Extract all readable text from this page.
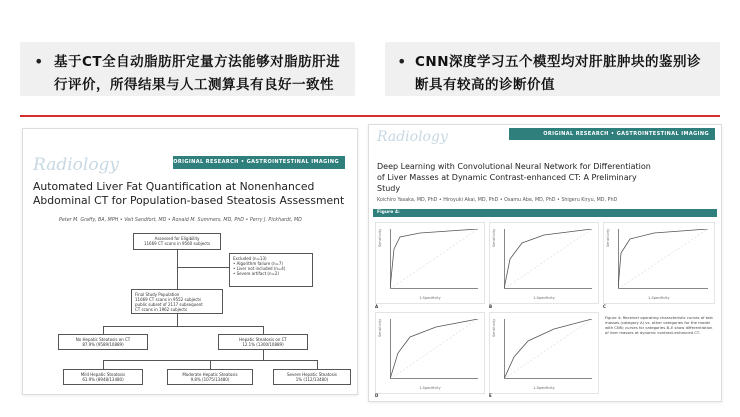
• 基于CT全自动脂肪肝定量方法能够对脂肪肝进
行评价，所得结果与人工测算具有良好一致性
• CNN深度学习五个模型均对肝脏肿块的鉴别诊
断具有较高的诊断价值
Radiology	ORIGINAL RESEARCH • GASTROINTESTINAL IMAGING
Automated Liver Fat Quantification at Nonenhanced
Abdominal CT for Population-based Steatosis Assessment
Peter M. Graffy, BA, MPH • Veit Sandfort, MD • Ronald M. Summers, MD, PhD • Perry J. Pickhardt, MD
Assessed for Eligibility
11669 CT scans in 9560 subjects
Excluded (n=13)
• Algorithm failure (n=7)
• Liver not included (n=4)
• Severe artifact (n=2)
Final Study Population
11669 CT scans in 9552 subjects
public subset of 2117 subsequent
CT scans in 1962 subjects
No Hepatic Steatosis on CT
87.9% (9589/10889)
Hepatic Steatosis on CT
12.1% (1300/10889)
Mild Hepatic Steatosis
61.9% (8948/13480)
Moderate Hepatic Steatosis
9.8% (1075/13480)
Severe Hepatic Steatosis
1% (112/13480)
Radiology	ORIGINAL RESEARCH • GASTROINTESTINAL IMAGING
Deep Learning with Convolutional Neural Network for Differentiation
of Liver Masses at Dynamic Contrast-enhanced CT: A Preliminary
Study
Koichiro Yasaka, MD, PhD • Hiroyuki Akai, MD, PhD • Osamu Abe, MD, PhD • Shigeru Kiryu, MD, PhD
Figure 4:
Sensitivity
1-Specificity
A
Sensitivity
1-Specificity
B
Sensitivity
1-Specificity
C
Sensitivity
1-Specificity
D
Sensitivity
1-Specificity
E
Figure 4: Receiver operating characteristic curves of test masses (category A) vs. other categories for the model with CNN; curves for categories B–E show differentiation of liver masses at dynamic contrast-enhanced CT.
